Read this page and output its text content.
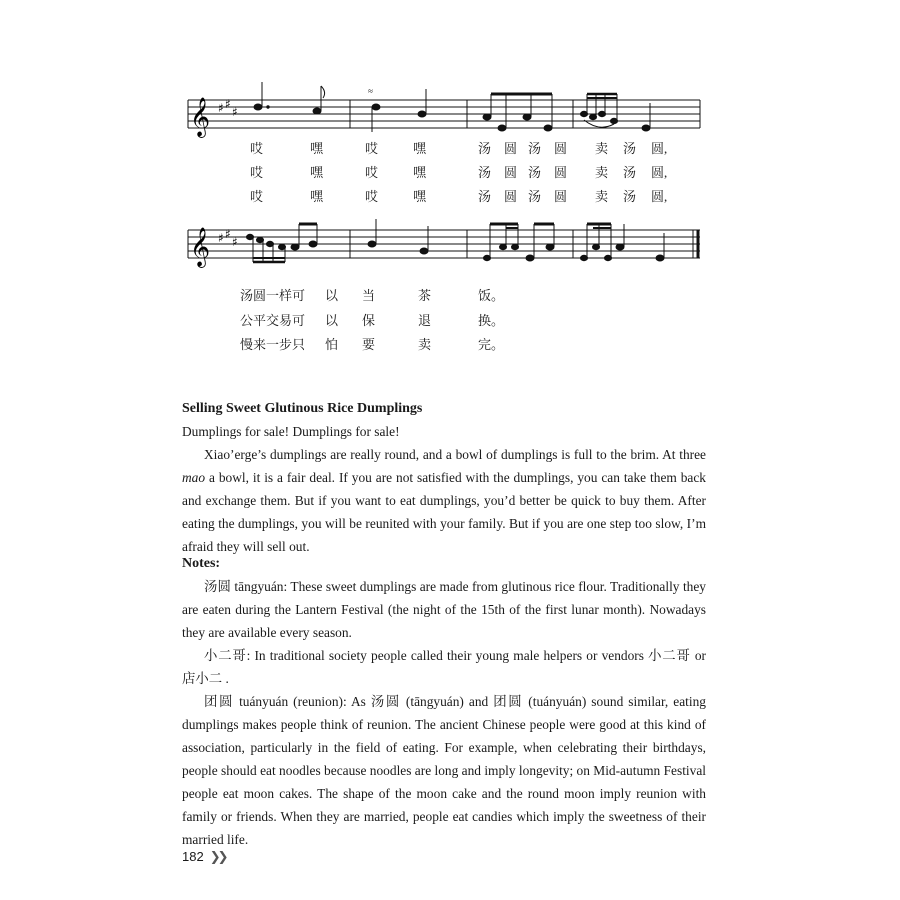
𝄞 ♯ ♯
♯
≈
哎	嘿	哎	嘿	汤 圆 汤 圆 卖 汤 圆,
哎	嘿	哎	嘿	汤 圆 汤 圆 卖 汤 圆,
哎	嘿	哎	嘿	汤 圆 汤 圆 卖 汤 圆,
𝄞 ♯ ♯
♯
汤圆一样可 以 当	茶	饭。
公平交易可 以 保	退	换。
慢来一步只 怕 要	卖	完。

Selling Sweet Glutinous Rice Dumplings

Dumplings for sale! Dumplings for sale!

Xiao’erge’s dumplings are really round, and a bowl of dumplings is full to the brim. At three mao a bowl, it is a fair deal. If you are not satisfied with the dumplings, you can take them back and exchange them. But if you want to eat dumplings, you’d better be quick to buy them. After eating the dumplings, you will be reunited with your family. But if you are one step too slow, I’m afraid they will sell out.

Notes:

汤圆 tāngyuán: These sweet dumplings are made from glutinous rice flour. Traditionally they are eaten during the Lantern Festival (the night of the 15th of the first lunar month). Nowadays they are available every season.

小二哥: In traditional society people called their young male helpers or vendors 小二哥 or 店小二 .

团圆 tuányuán (reunion): As 汤圆 (tāngyuán) and 团圆 (tuányuán) sound similar, eating dumplings makes people think of reunion. The ancient Chinese people were good at this kind of association, particularly in the field of eating. For example, when celebrating their birthdays, people should eat noodles because noodles are long and imply longevity; on Mid-autumn Festival people eat moon cakes. The shape of the moon cake and the round moon imply reunion with family or friends. When they are married, people eat candies which imply the sweetness of their married life.

182 ❯❯
